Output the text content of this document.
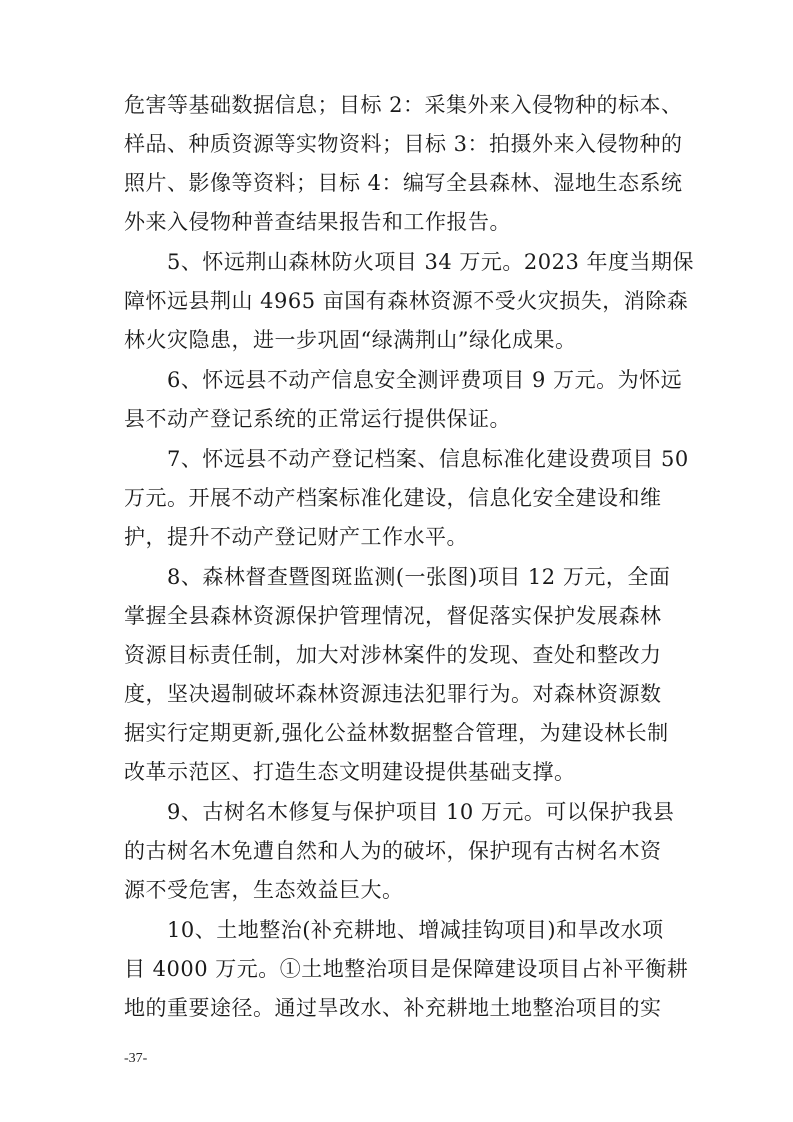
危害等基础数据信息；目标 2：采集外来入侵物种的标本、
样品、种质资源等实物资料；目标 3：拍摄外来入侵物种的
照片、影像等资料；目标 4：编写全县森林、湿地生态系统
外来入侵物种普查结果报告和工作报告。
5、怀远荆山森林防火项目 34 万元。2023 年度当期保
障怀远县荆山 4965 亩国有森林资源不受火灾损失，消除森
林火灾隐患，进一步巩固“绿满荆山”绿化成果。
6、怀远县不动产信息安全测评费项目 9 万元。为怀远
县不动产登记系统的正常运行提供保证。
7、怀远县不动产登记档案、信息标准化建设费项目 50
万元。开展不动产档案标准化建设，信息化安全建设和维
护，提升不动产登记财产工作水平。
8、森林督查暨图斑监测(一张图)项目 12 万元，全面
掌握全县森林资源保护管理情况，督促落实保护发展森林
资源目标责任制，加大对涉林案件的发现、查处和整改力
度，坚决遏制破坏森林资源违法犯罪行为。对森林资源数
据实行定期更新,强化公益林数据整合管理，为建设林长制
改革示范区、打造生态文明建设提供基础支撑。
9、古树名木修复与保护项目 10 万元。可以保护我县
的古树名木免遭自然和人为的破坏，保护现有古树名木资
源不受危害，生态效益巨大。
10、土地整治(补充耕地、增减挂钩项目)和旱改水项
目 4000 万元。①土地整治项目是保障建设项目占补平衡耕
地的重要途径。通过旱改水、补充耕地土地整治项目的实
-37-
